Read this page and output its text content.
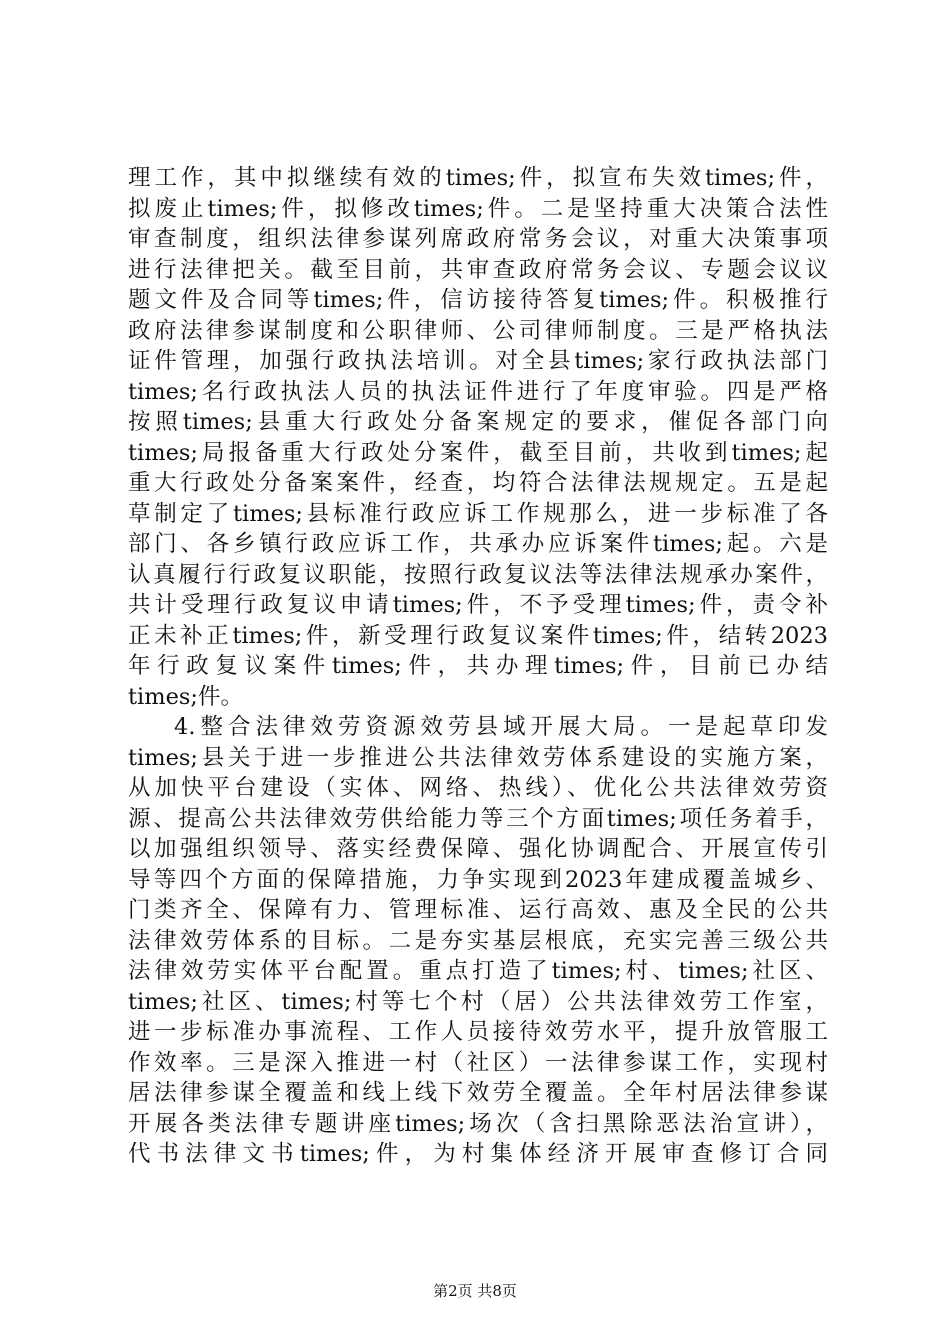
理工作，其中拟继续有效的times;件，拟宣布失效times;件，
拟废止times;件，拟修改times;件。二是坚持重大决策合法性
审查制度，组织法律参谋列席政府常务会议，对重大决策事项
进行法律把关。截至目前，共审查政府常务会议、专题会议议
题文件及合同等times;件，信访接待答复times;件。积极推行
政府法律参谋制度和公职律师、公司律师制度。三是严格执法
证件管理，加强行政执法培训。对全县times;家行政执法部门
times;名行政执法人员的执法证件进行了年度审验。四是严格
按照times;县重大行政处分备案规定的要求，催促各部门向
times;局报备重大行政处分案件，截至目前，共收到times;起
重大行政处分备案案件，经查，均符合法律法规规定。五是起
草制定了times;县标准行政应诉工作规那么，进一步标准了各
部门、各乡镇行政应诉工作，共承办应诉案件times;起。六是
认真履行行政复议职能，按照行政复议法等法律法规承办案件，
共计受理行政复议申请times;件，不予受理times;件，责令补
正未补正times;件，新受理行政复议案件times;件，结转2023
年行政复议案件times;件，共办理times;件，目前已办结
times;件。
4.整合法律效劳资源效劳县域开展大局。一是起草印发
times;县关于进一步推进公共法律效劳体系建设的实施方案，
从加快平台建设（实体、网络、热线）、优化公共法律效劳资
源、提高公共法律效劳供给能力等三个方面times;项任务着手，
以加强组织领导、落实经费保障、强化协调配合、开展宣传引
导等四个方面的保障措施，力争实现到2023年建成覆盖城乡、
门类齐全、保障有力、管理标准、运行高效、惠及全民的公共
法律效劳体系的目标。二是夯实基层根底，充实完善三级公共
法律效劳实体平台配置。重点打造了times;村、times;社区、
times;社区、times;村等七个村（居）公共法律效劳工作室，
进一步标准办事流程、工作人员接待效劳水平，提升放管服工
作效率。三是深入推进一村（社区）一法律参谋工作，实现村
居法律参谋全覆盖和线上线下效劳全覆盖。全年村居法律参谋
开展各类法律专题讲座times;场次（含扫黑除恶法治宣讲），
代书法律文书times;件，为村集体经济开展审查修订合同
第2页 共8页
